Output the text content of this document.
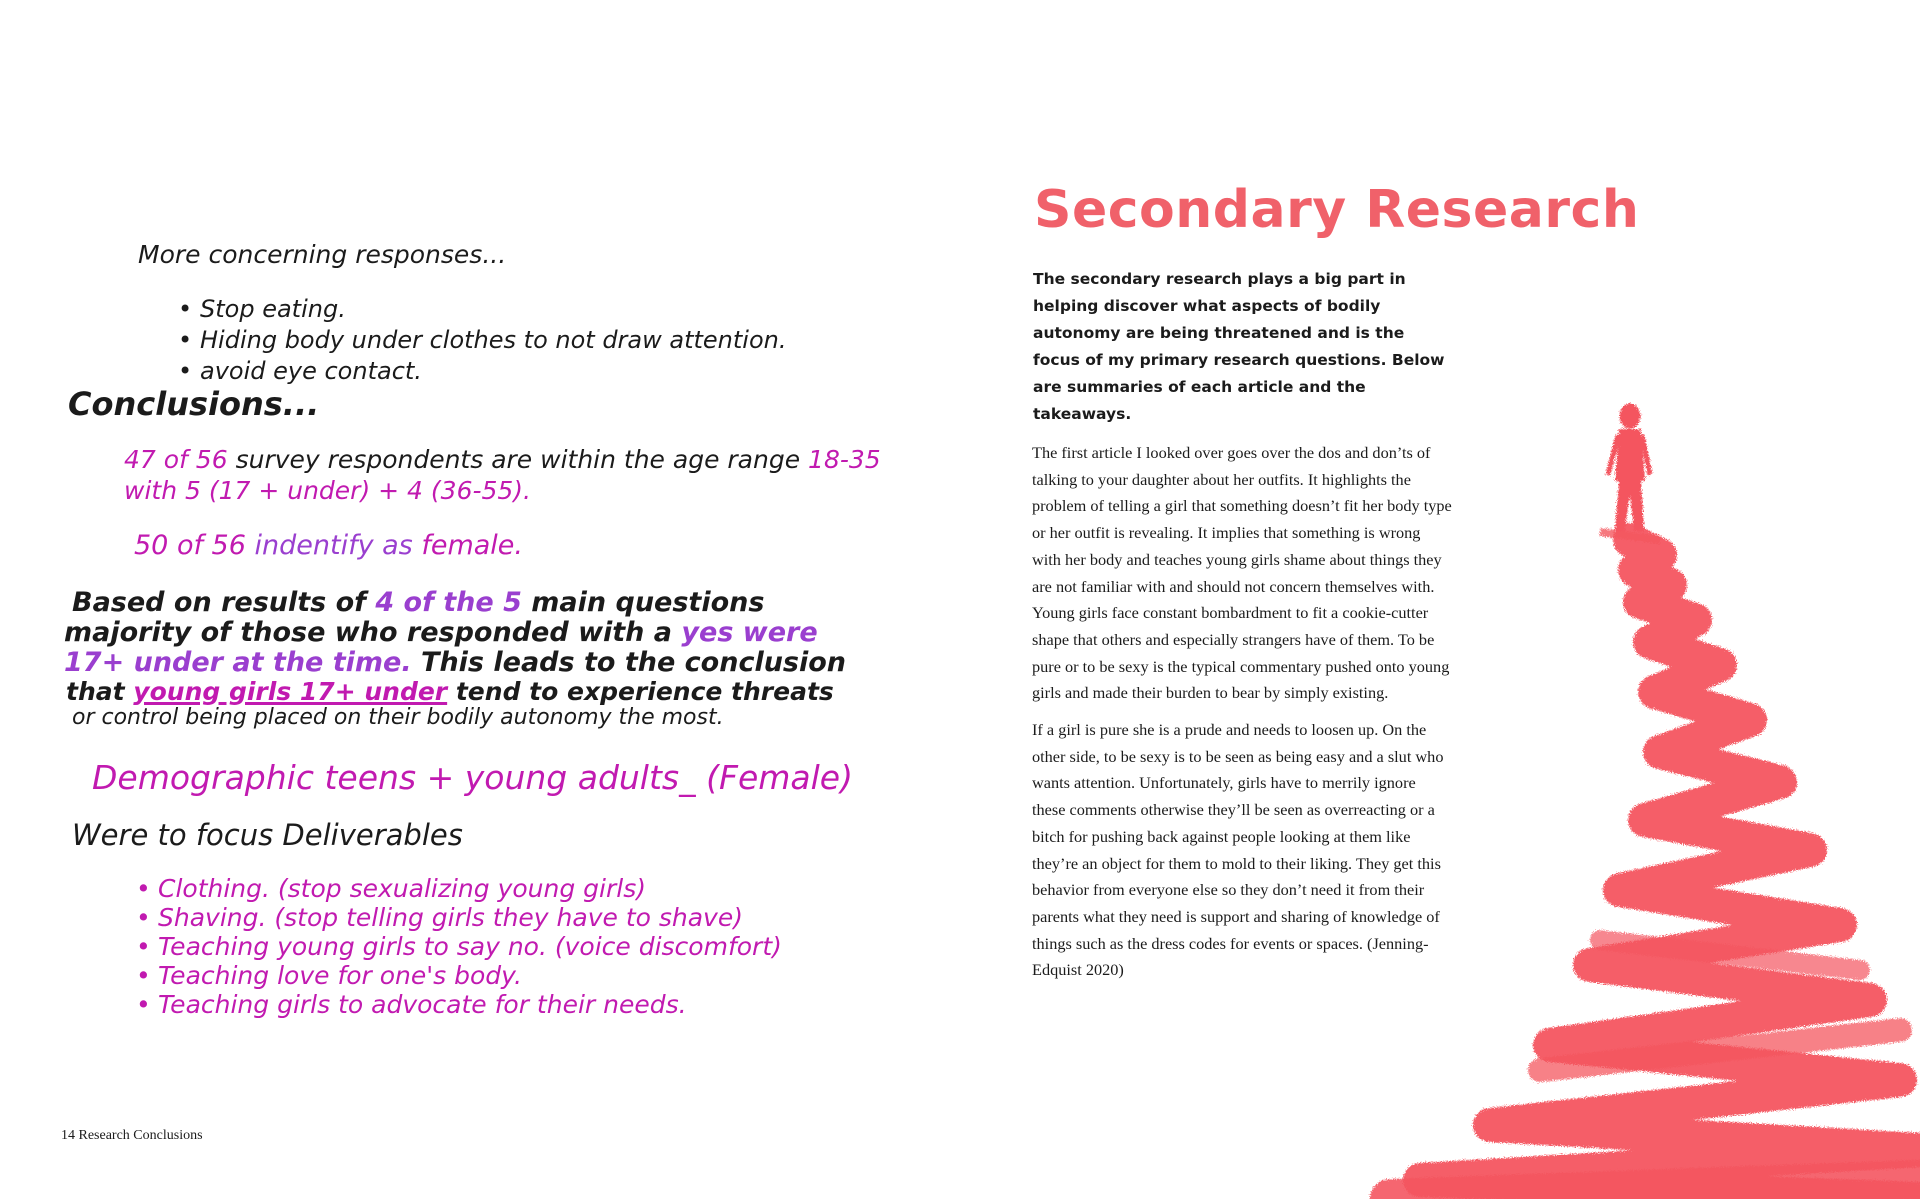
More concerning responses...

• Stop eating.
• Hiding body under clothes to not draw attention.
• avoid eye contact.

Conclusions...

47 of 56 survey respondents are within the age range 18-35

with 5 (17 + under) + 4 (36-55).

50 of 56 indentify as female.

Based on results of 4 of the 5 main questions

majority of those who responded with a yes were

17+ under at the time. This leads to the conclusion

that young girls 17+ under tend to experience threats

or control being placed on their bodily autonomy the most.

Demographic teens + young adults_ (Female)

Were to focus Deliverables

• Clothing. (stop sexualizing young girls)
• Shaving. (stop telling girls they have to shave)
• Teaching young girls to say no. (voice discomfort)
• Teaching love for one's body.
• Teaching girls to advocate for their needs.

14 Research Conclusions

Secondary Research

The secondary research plays a big part in helping discover what aspects of bodily autonomy are being threatened and is the focus of my primary research questions. Below are summaries of each article and the takeaways.

The first article I looked over goes over the dos and don’ts of talking to your daughter about her outfits. It highlights the problem of telling a girl that something doesn’t fit her body type or her outfit is revealing. It implies that something is wrong with her body and teaches young girls shame about things they are not familiar with and should not concern themselves with. Young girls face constant bombardment to fit a cookie-cutter shape that others and especially strangers have of them. To be pure or to be sexy is the typical commentary pushed onto young girls and made their burden to bear by simply existing.

If a girl is pure she is a prude and needs to loosen up. On the other side, to be sexy is to be seen as being easy and a slut who wants attention. Unfortunately, girls have to merrily ignore these comments otherwise they’ll be seen as overreacting or a bitch for pushing back against people looking at them like they’re an object for them to mold to their liking. They get this behavior from everyone else so they don’t need it from their parents what they need is support and sharing of knowledge of things such as the dress codes for events or spaces. (Jenning-Edquist 2020)
